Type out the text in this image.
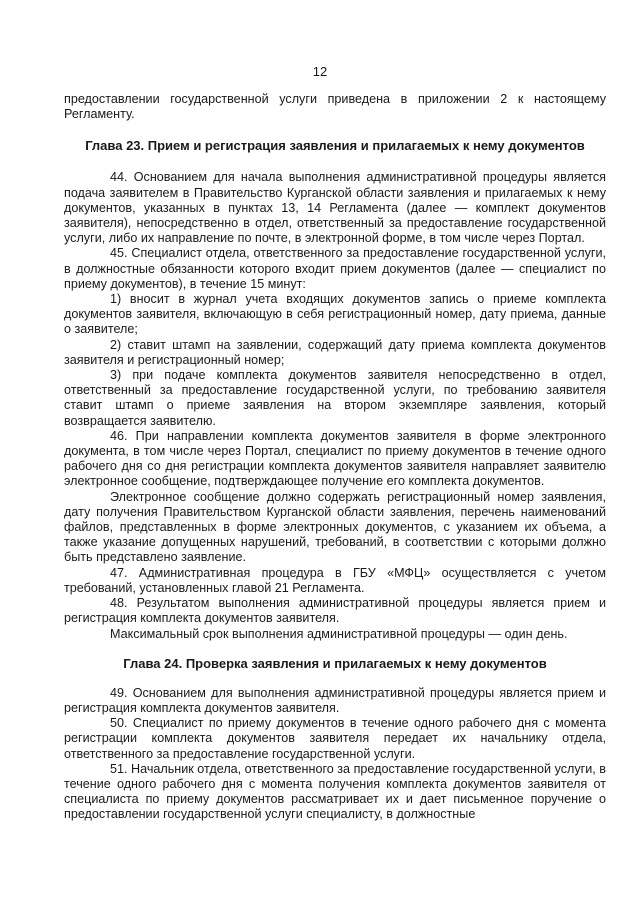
12

предоставлении государственной услуги приведена в приложении 2 к настоящему Регламенту.

Глава 23. Прием и регистрация заявления и прилагаемых к нему документов

44. Основанием для начала выполнения административной процедуры является подача заявителем в Правительство Курганской области заявления и прилагаемых к нему документов, указанных в пунктах 13, 14 Регламента (далее — комплект документов заявителя), непосредственно в отдел, ответственный за предоставление государственной услуги, либо их направление по почте, в электронной форме, в том числе через Портал.

45. Специалист отдела, ответственного за предоставление государственной услуги, в должностные обязанности которого входит прием документов (далее — специалист по приему документов), в течение 15 минут:

1) вносит в журнал учета входящих документов запись о приеме комплекта документов заявителя, включающую в себя регистрационный номер, дату приема, данные о заявителе;

2) ставит штамп на заявлении, содержащий дату приема комплекта документов заявителя и регистрационный номер;

3) при подаче комплекта документов заявителя непосредственно в отдел, ответственный за предоставление государственной услуги, по требованию заявителя ставит штамп о приеме заявления на втором экземпляре заявления, который возвращается заявителю.

46. При направлении комплекта документов заявителя в форме электронного документа, в том числе через Портал, специалист по приему документов в течение одного рабочего дня со дня регистрации комплекта документов заявителя направляет заявителю электронное сообщение, подтверждающее получение его комплекта документов.

Электронное сообщение должно содержать регистрационный номер заявления, дату получения Правительством Курганской области заявления, перечень наименований файлов, представленных в форме электронных документов, с указанием их объема, а также указание допущенных нарушений, требований, в соответствии с которыми должно быть представлено заявление.

47. Административная процедура в ГБУ «МФЦ» осуществляется с учетом требований, установленных главой 21 Регламента.

48. Результатом выполнения административной процедуры является прием и регистрация комплекта документов заявителя.

Максимальный срок выполнения административной процедуры — один день.

Глава 24. Проверка заявления и прилагаемых к нему документов

49. Основанием для выполнения административной процедуры является прием и регистрация комплекта документов заявителя.

50. Специалист по приему документов в течение одного рабочего дня с момента регистрации комплекта документов заявителя передает их начальнику отдела, ответственного за предоставление государственной услуги.

51. Начальник отдела, ответственного за предоставление государственной услуги, в течение одного рабочего дня с момента получения комплекта документов заявителя от специалиста по приему документов рассматривает их и дает письменное поручение о предоставлении государственной услуги специалисту, в должностные
